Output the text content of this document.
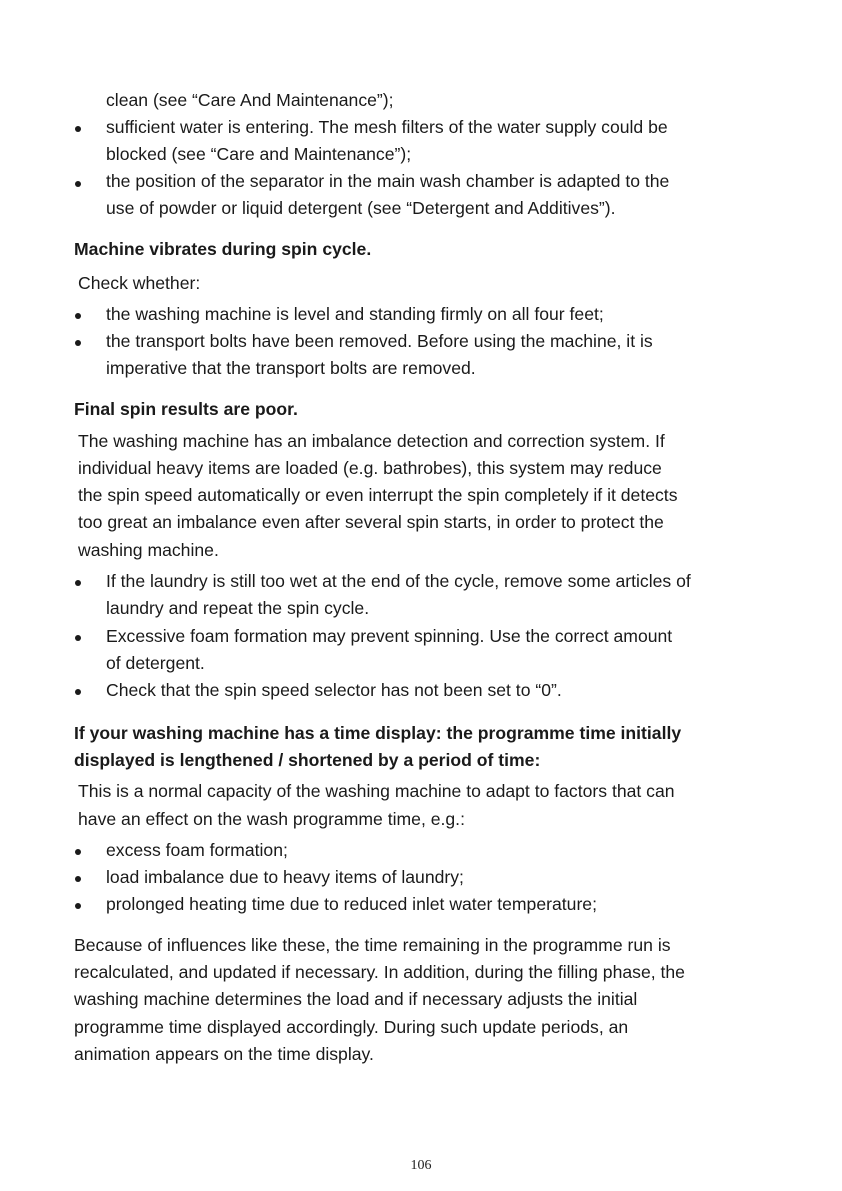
clean (see “Care And Maintenance”);
sufficient water is entering. The mesh filters of the water supply could be
blocked (see “Care and Maintenance”);
the position of the separator in the main wash chamber is adapted to the
use of powder or liquid detergent (see “Detergent and Additives”).
Machine vibrates during spin cycle.
Check whether:
the washing machine is level and standing firmly on all four feet;
the transport bolts have been removed. Before using the machine, it is
imperative that the transport bolts are removed.
Final spin results are poor.
The washing machine has an imbalance detection and correction system. If
individual heavy items are loaded (e.g. bathrobes), this system may reduce
the spin speed automatically or even interrupt the spin completely if it detects
too great an imbalance even after several spin starts, in order to protect the
washing machine.
If the laundry is still too wet at the end of the cycle, remove some articles of
laundry and repeat the spin cycle.
Excessive foam formation may prevent spinning. Use the correct amount
of detergent.
Check that the spin speed selector has not been set to “0”.
If your washing machine has a time display: the programme time initially
displayed is lengthened / shortened by a period of time:
This is a normal capacity of the washing machine to adapt to factors that can
have an effect on the wash programme time, e.g.:
excess foam formation;
load imbalance due to heavy items of laundry;
prolonged heating time due to reduced inlet water temperature;
Because of influences like these, the time remaining in the programme run is
recalculated, and updated if necessary. In addition, during the filling phase, the
washing machine determines the load and if necessary adjusts the initial
programme time displayed accordingly. During such update periods, an
animation appears on the time display.
106
